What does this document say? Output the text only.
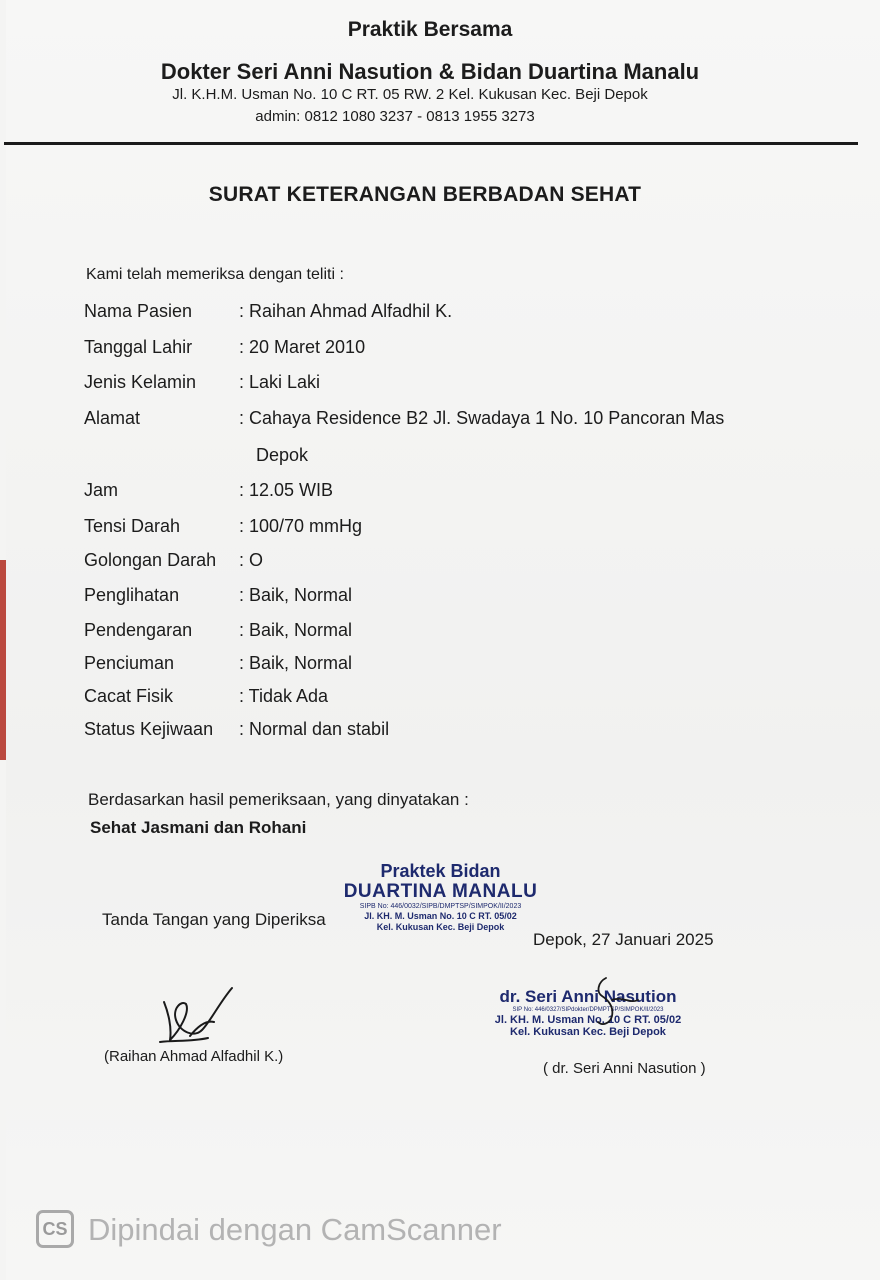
Praktik Bersama
Dokter Seri Anni Nasution & Bidan Duartina Manalu
Jl. K.H.M. Usman No. 10 C RT. 05 RW. 2 Kel. Kukusan Kec. Beji Depok
admin: 0812 1080 3237 - 0813 1955 3273
SURAT KETERANGAN BERBADAN SEHAT
Kami telah memeriksa dengan teliti :
Nama Pasien	: Raihan Ahmad Alfadhil K.
Tanggal Lahir	: 20 Maret 2010
Jenis Kelamin	: Laki Laki
Alamat	: Cahaya Residence B2 Jl. Swadaya 1 No. 10 Pancoran Mas
Depok
Jam	: 12.05 WIB
Tensi Darah	: 100/70 mmHg
Golongan Darah	: O
Penglihatan	: Baik, Normal
Pendengaran	: Baik, Normal
Penciuman	: Baik, Normal
Cacat Fisik	: Tidak Ada
Status Kejiwaan	: Normal dan stabil
Berdasarkan hasil pemeriksaan, yang dinyatakan :
Sehat Jasmani dan Rohani
Praktek Bidan
DUARTINA MANALU
SIPB No: 446/0032/SIPB/DMPTSP/SIMPOK/II/2023
Jl. KH. M. Usman No. 10 C RT. 05/02
Kel. Kukusan Kec. Beji Depok
Tanda Tangan yang Diperiksa
Depok, 27 Januari 2025
(Raihan Ahmad Alfadhil K.)
dr. Seri Anni Nasution
SIP No: 446/0327/SIPdokter/DPMPTSP/SIMPOK/II/2023
Jl. KH. M. Usman No. 10 C RT. 05/02
Kel. Kukusan Kec. Beji Depok
( dr. Seri Anni Nasution )
CS Dipindai dengan CamScanner
